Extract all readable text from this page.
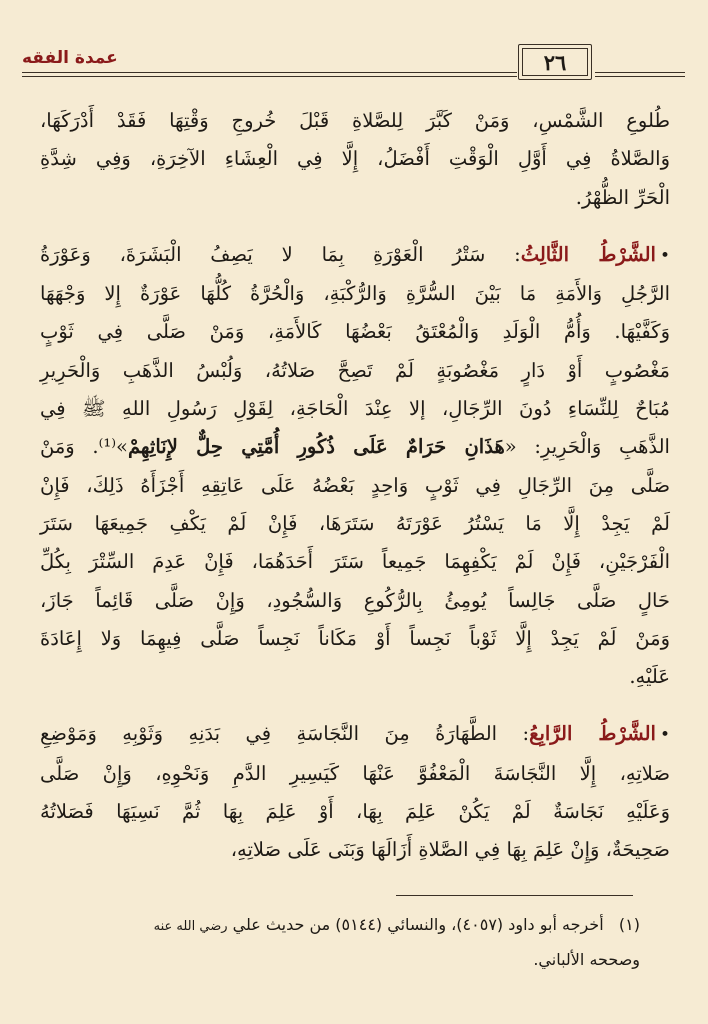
عمدة الفقه	٢٦

طُلوعِ الشَّمْسِ، وَمَنْ كَبَّرَ لِلصَّلاةِ قَبْلَ خُروجِ وَقْتِهَا فَقَدْ أَدْرَكَهَا،
وَالصَّلاةُ فِي أَوَّلِ الْوَقْتِ أَفْضَلُ، إِلَّا فِي الْعِشَاءِ الآخِرَةِ، وَفِي شِدَّةِ
الْحَرِّ الظُّهْرُ.

•الشَّرْطُ الثَّالِثُ: سَتْرُ الْعَوْرَةِ بِمَا لا يَصِفُ الْبَشَرَةَ، وَعَوْرَةُ
الرَّجُلِ وَالأَمَةِ مَا بَيْنَ السُّرَّةِ وَالرُّكْبَةِ، وَالْحُرَّةُ كُلُّهَا عَوْرَةٌ إِلا وَجْهَهَا
وَكَفَّيْهَا. وَأُمُّ الْوَلَدِ وَالْمُعْتَقُ بَعْضُهَا كَالأَمَةِ، وَمَنْ صَلَّى فِي ثَوْبٍ
مَغْصُوبٍ أَوْ دَارٍ مَغْصُوبَةٍ لَمْ تَصِحَّ صَلاتُهُ، وَلُبْسُ الذَّهَبِ وَالْحَرِيرِ
مُبَاحٌ لِلنِّسَاءِ دُونَ الرِّجَالِ، إلا عِنْدَ الْحَاجَةِ، لِقَوْلِ رَسُولِ اللهِ ﷺ فِي
الذَّهَبِ وَالْحَرِيرِ: «هَذَانِ حَرَامٌ عَلَى ذُكُورِ أُمَّتِي حِلٌّ لإِنَاثِهِمْ»⁽¹⁾. وَمَنْ
صَلَّى مِنَ الرِّجَالِ فِي ثَوْبٍ وَاحِدٍ بَعْضُهُ عَلَى عَاتِقِهِ أَجْزَأَهُ ذَلِكَ، فَإِنْ
لَمْ يَجِدْ إِلَّا مَا يَسْتُرُ عَوْرَتَهُ سَتَرَهَا، فَإِنْ لَمْ يَكْفِ جَمِيعَهَا سَتَرَ
الْفَرْجَيْنِ، فَإِنْ لَمْ يَكْفِهِمَا جَمِيعاً سَتَرَ أَحَدَهُمَا، فَإِنْ عَدِمَ السِّتْرَ بِكُلِّ
حَالٍ صَلَّى جَالِساً يُومِئُ بِالرُّكُوعِ وَالسُّجُودِ، وَإِنْ صَلَّى قَائِماً جَازَ،
وَمَنْ لَمْ يَجِدْ إِلَّا ثَوْباً نَجِساً أَوْ مَكَاناً نَجِساً صَلَّى فِيهِمَا وَلا إِعَادَةَ
عَلَيْهِ.

•الشَّرْطُ الرَّابِعُ: الطَّهَارَةُ مِنَ النَّجَاسَةِ فِي بَدَنِهِ وَثَوْبِهِ وَمَوْضِعِ
صَلاتِهِ، إِلَّا النَّجَاسَةَ الْمَعْفُوَّ عَنْهَا كَيَسِيرِ الدَّمِ وَنَحْوِهِ، وَإِنْ صَلَّى
وَعَلَيْهِ نَجَاسَةٌ لَمْ يَكُنْ عَلِمَ بِهَا، أَوْ عَلِمَ بِهَا ثُمَّ نَسِيَهَا فَصَلاتُهُ
صَحِيحَةٌ، وَإِنْ عَلِمَ بِهَا فِي الصَّلاةِ أَزَالَهَا وَبَنَى عَلَى صَلاتِهِ،

(١)   أخرجه أبو داود (٤٠٥٧)، والنسائي (٥١٤٤) من حديث علي رضي الله عنه
وصححه الألباني.
